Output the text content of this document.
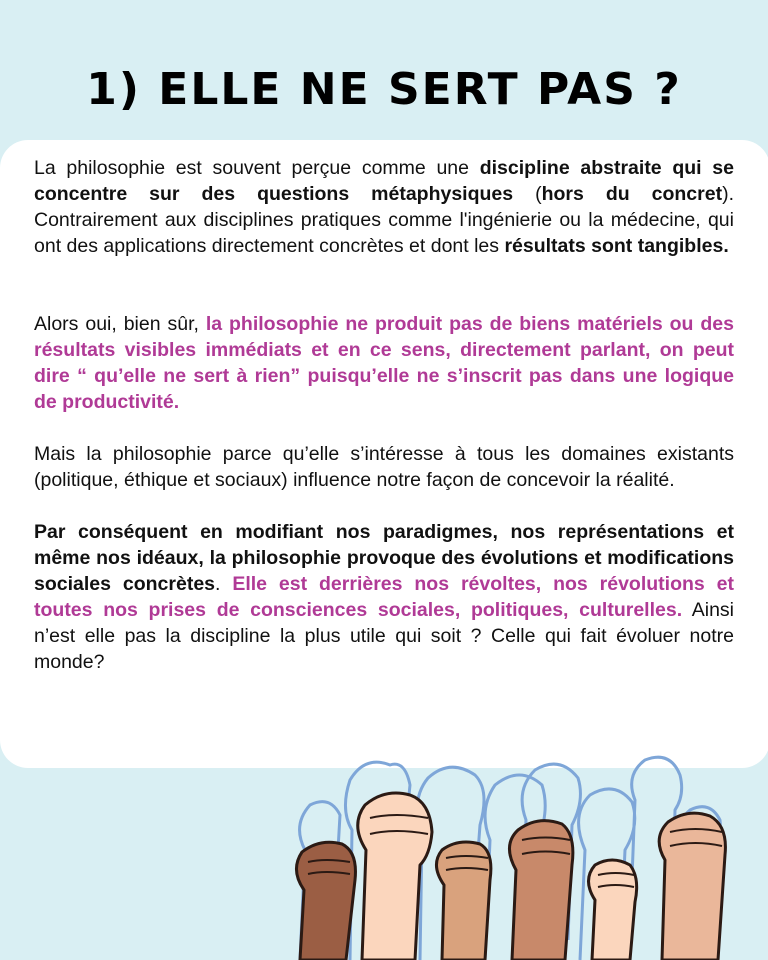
1) ELLE NE SERT PAS ?

La philosophie est souvent perçue comme une discipline abstraite qui se concentre sur des questions métaphysiques (hors du concret). Contrairement aux disciplines pratiques comme l'ingénierie ou la médecine, qui ont des applications directement concrètes et dont les résultats sont tangibles.

Alors oui, bien sûr, la philosophie ne produit pas de biens matériels ou des résultats visibles immédiats et en ce sens, directement parlant, on peut dire “ qu’elle ne sert à rien” puisqu’elle ne s’inscrit pas dans une logique de productivité.

Mais la philosophie parce qu’elle s’intéresse à tous les domaines existants (politique, éthique et sociaux) influence notre façon de concevoir la réalité.

Par conséquent en modifiant nos paradigmes, nos représentations et même nos idéaux, la philosophie provoque des évolutions et modifications sociales concrètes. Elle est derrières nos révoltes, nos révolutions et toutes nos prises de consciences sociales, politiques, culturelles. Ainsi n’est elle pas la discipline la plus utile qui soit ? Celle qui fait évoluer notre monde?
